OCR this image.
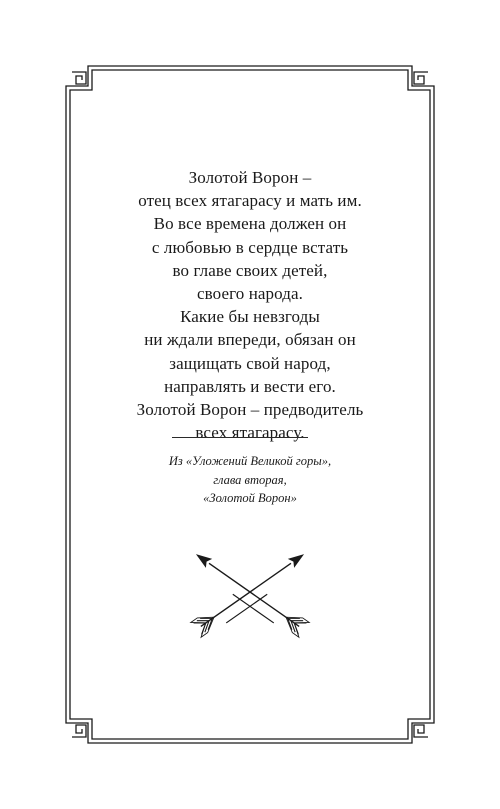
Золотой Ворон –
отец всех ятагарасу и мать им.
Во все времена должен он
с любовью в сердце встать
во главе своих детей,
своего народа.
Какие бы невзгоды
ни ждали впереди, обязан он
защищать свой народ,
направлять и вести его.
Золотой Ворон – предводитель
всех ятагарасу.
Из «Уложений Великой горы»,
глава вторая,
«Золотой Ворон»
